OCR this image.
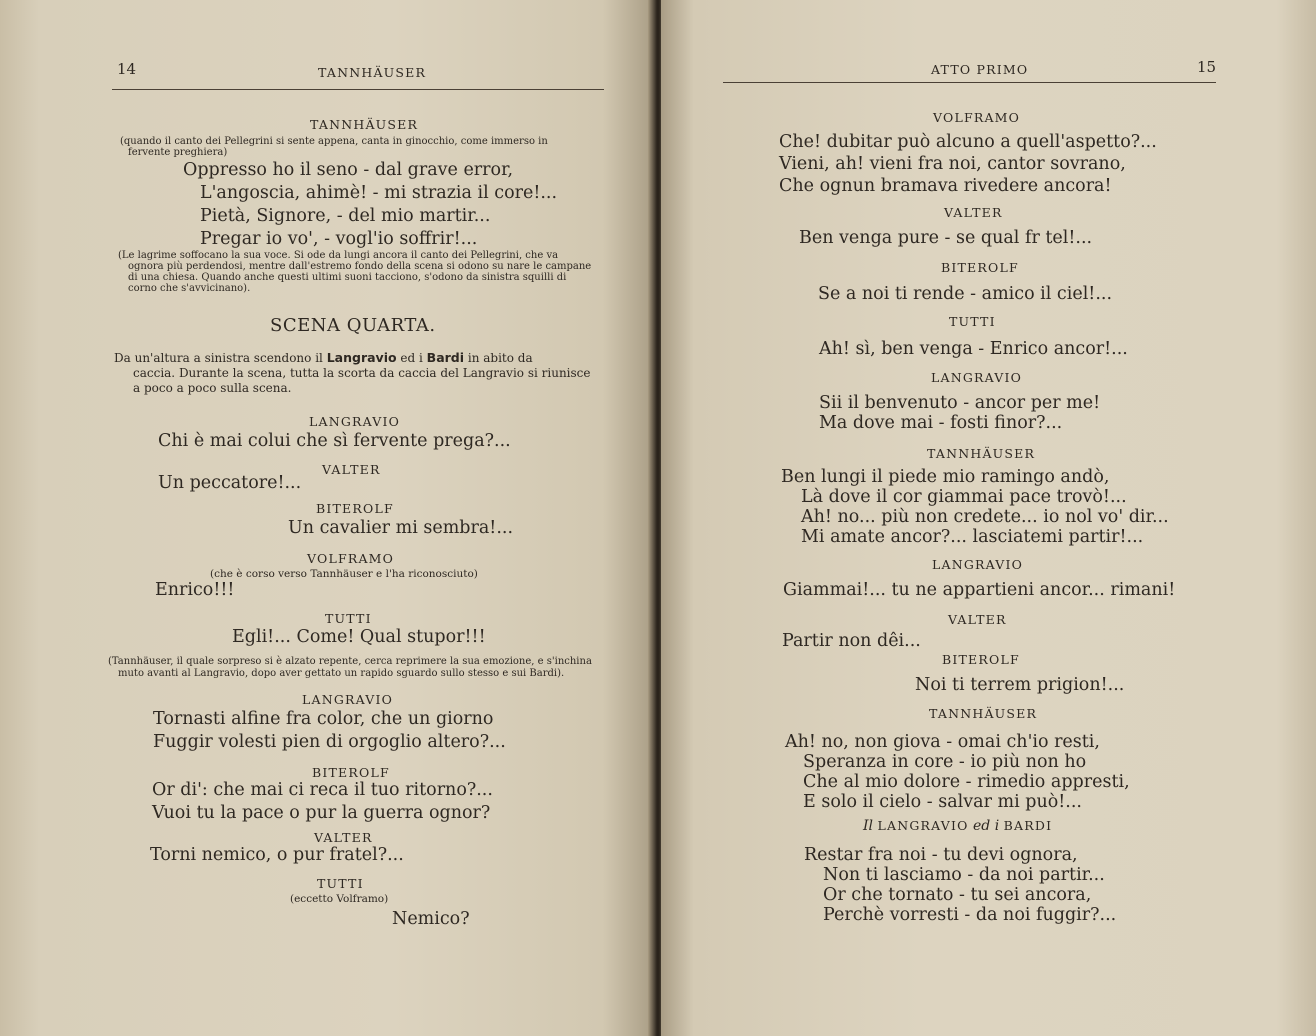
14	TANNHÄUSER
TANNHÄUSER
(quando il canto dei Pellegrini si sente appena, canta in ginocchio, come immerso in
fervente preghiera)
Oppresso ho il seno - dal grave error,
L'angoscia, ahimè! - mi strazia il core!...
Pietà, Signore, - del mio martir...
Pregar io vo', - vogl'io soffrir!...
(Le lagrime soffocano la sua voce. Si ode da lungi ancora il canto dei Pellegrini, che va
ognora più perdendosi, mentre dall'estremo fondo della scena si odono su nare le campane
di una chiesa. Quando anche questi ultimi suoni tacciono, s'odono da sinistra squilli di
corno che s'avvicinano).
SCENA QUARTA.
Da un'altura a sinistra scendono il Langravio ed i Bardi in abito da
caccia. Durante la scena, tutta la scorta da caccia del Langravio si riunisce
a poco a poco sulla scena.
LANGRAVIO
Chi è mai colui che sì fervente prega?...
VALTER
Un peccatore!...
BITEROLF
Un cavalier mi sembra!...
VOLFRAMO
(che è corso verso Tannhäuser e l'ha riconosciuto)
Enrico!!!
TUTTI
Egli!... Come! Qual stupor!!!
(Tannhäuser, il quale sorpreso si è alzato repente, cerca reprimere la sua emozione, e s'inchina
muto avanti al Langravio, dopo aver gettato un rapido sguardo sullo stesso e sui Bardi).
LANGRAVIO
Tornasti alfine fra color, che un giorno
Fuggir volesti pien di orgoglio altero?...
BITEROLF
Or di': che mai ci reca il tuo ritorno?...
Vuoi tu la pace o pur la guerra ognor?
VALTER
Torni nemico, o pur fratel?...
TUTTI
(eccetto Volframo)
Nemico?
ATTO PRIMO	15
VOLFRAMO
Che! dubitar può alcuno a quell'aspetto?...
Vieni, ah! vieni fra noi, cantor sovrano,
Che ognun bramava rivedere ancora!
VALTER
Ben venga pure - se qual fr tel!...
BITEROLF
Se a noi ti rende - amico il ciel!...
TUTTI
Ah! sì, ben venga - Enrico ancor!...
LANGRAVIO
Sii il benvenuto - ancor per me!
Ma dove mai - fosti finor?...
TANNHÄUSER
Ben lungi il piede mio ramingo andò,
Là dove il cor giammai pace trovò!...
Ah! no... più non credete... io nol vo' dir...
Mi amate ancor?... lasciatemi partir!...
LANGRAVIO
Giammai!... tu ne appartieni ancor... rimani!
VALTER
Partir non dêi...
BITEROLF
Noi ti terrem prigion!...
TANNHÄUSER
Ah! no, non giova - omai ch'io resti,
Speranza in core - io più non ho
Che al mio dolore - rimedio appresti,
E solo il cielo - salvar mi può!...
Il LANGRAVIO ed i BARDI
Restar fra noi - tu devi ognora,
Non ti lasciamo - da noi partir...
Or che tornato - tu sei ancora,
Perchè vorresti - da noi fuggir?...
